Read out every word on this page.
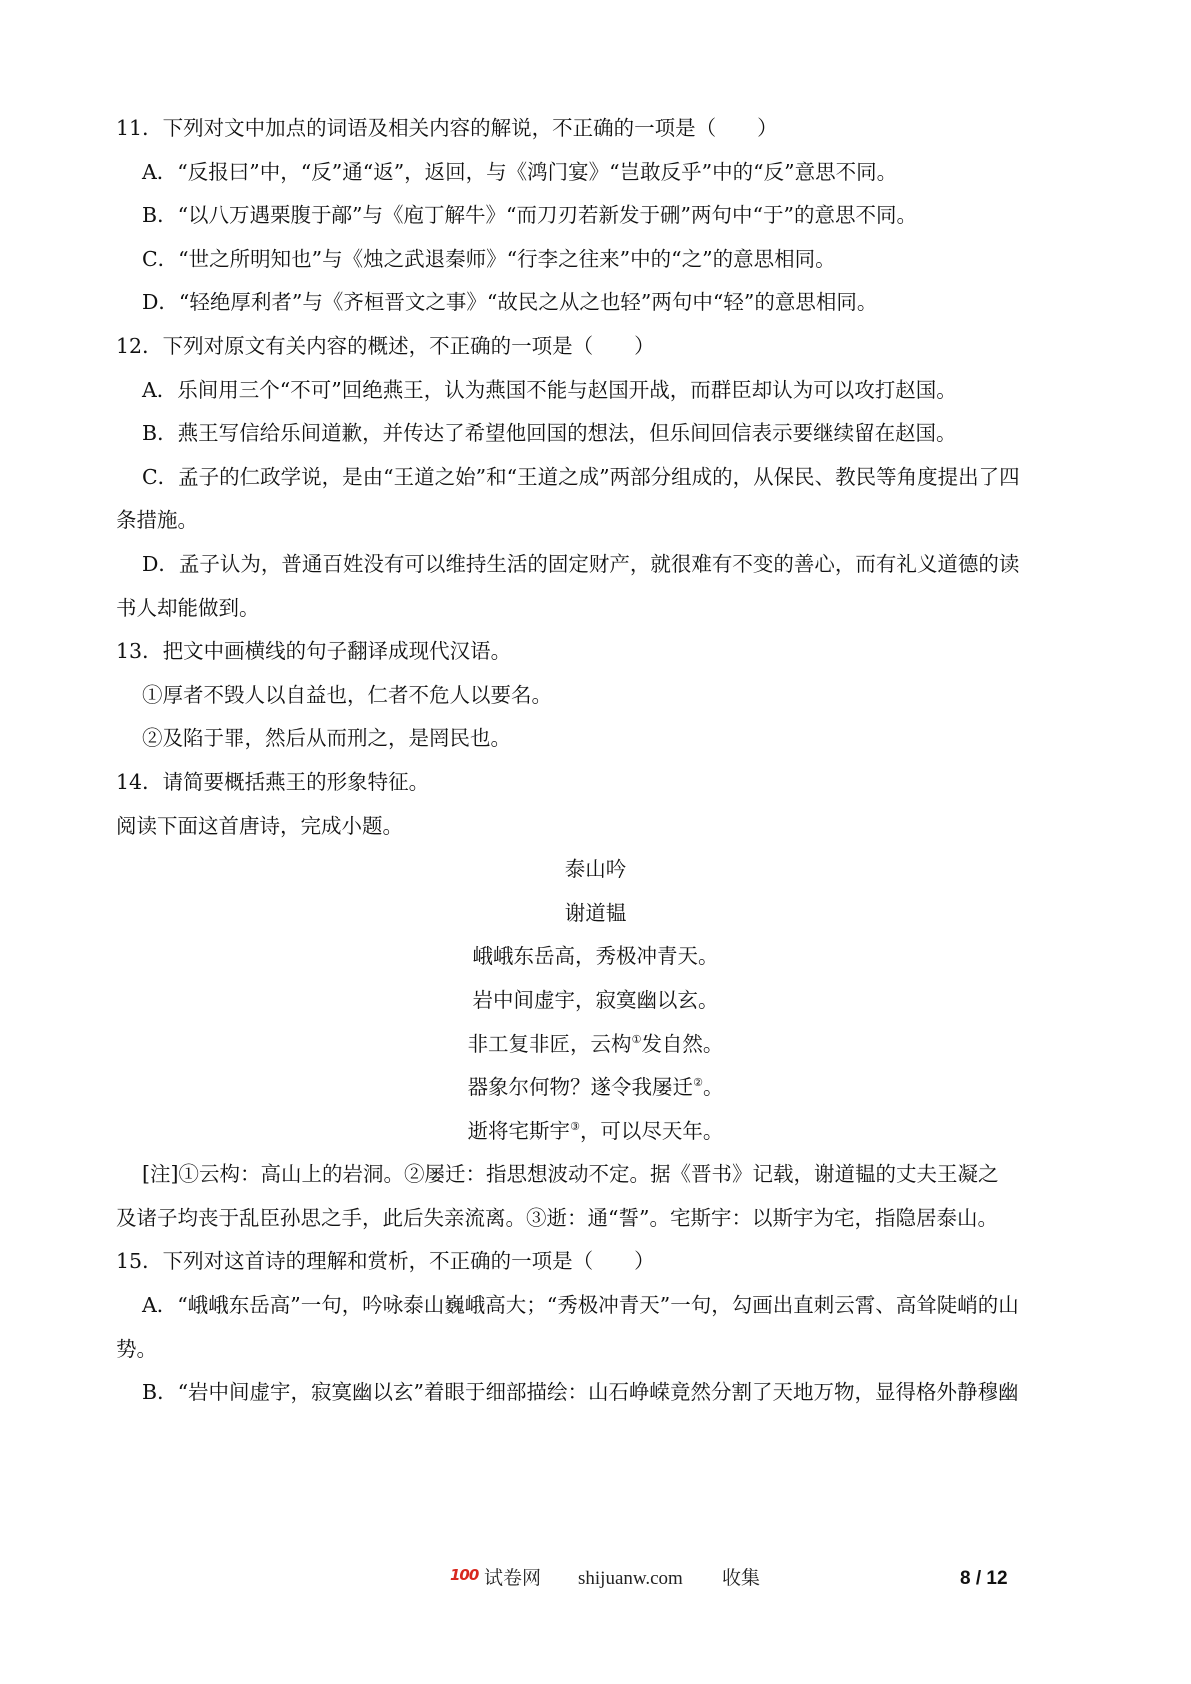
11．下列对文中加点的词语及相关内容的解说，不正确的一项是（　　）
A．“反报曰”中，“反”通“返”，返回，与《鸿门宴》“岂敢反乎”中的“反”意思不同。
B．“以八万遇栗腹于鄗”与《庖丁解牛》“而刀刃若新发于硎”两句中“于”的意思不同。
C．“世之所明知也”与《烛之武退秦师》“行李之往来”中的“之”的意思相同。
D．“轻绝厚利者”与《齐桓晋文之事》“故民之从之也轻”两句中“轻”的意思相同。
12．下列对原文有关内容的概述，不正确的一项是（　　）
A．乐间用三个“不可”回绝燕王，认为燕国不能与赵国开战，而群臣却认为可以攻打赵国。
B．燕王写信给乐间道歉，并传达了希望他回国的想法，但乐间回信表示要继续留在赵国。
C．孟子的仁政学说，是由“王道之始”和“王道之成”两部分组成的，从保民、教民等角度提出了四
条措施。
D．孟子认为，普通百姓没有可以维持生活的固定财产，就很难有不变的善心，而有礼义道德的读
书人却能做到。
13．把文中画横线的句子翻译成现代汉语。
①厚者不毁人以自益也，仁者不危人以要名。
②及陷于罪，然后从而刑之，是罔民也。
14．请简要概括燕王的形象特征。
阅读下面这首唐诗，完成小题。
泰山吟
谢道韫
峨峨东岳高，秀极冲青天。
岩中间虚宇，寂寞幽以玄。
非工复非匠，云构①发自然。
器象尔何物？遂令我屡迁②。
逝将宅斯宇③，可以尽天年。
[注]①云构：高山上的岩洞。②屡迁：指思想波动不定。据《晋书》记载，谢道韫的丈夫王凝之
及诸子均丧于乱臣孙思之手，此后失亲流离。③逝：通“誓”。宅斯宇：以斯宇为宅，指隐居泰山。
15．下列对这首诗的理解和赏析，不正确的一项是（　　）
A．“峨峨东岳高”一句，吟咏泰山巍峨高大；“秀极冲青天”一句，勾画出直刺云霄、高耸陡峭的山
势。
B．“岩中间虚宇，寂寞幽以玄”着眼于细部描绘：山石峥嵘竟然分割了天地万物，显得格外静穆幽
100 试卷网 shijuanw.com 收集	8 / 12
